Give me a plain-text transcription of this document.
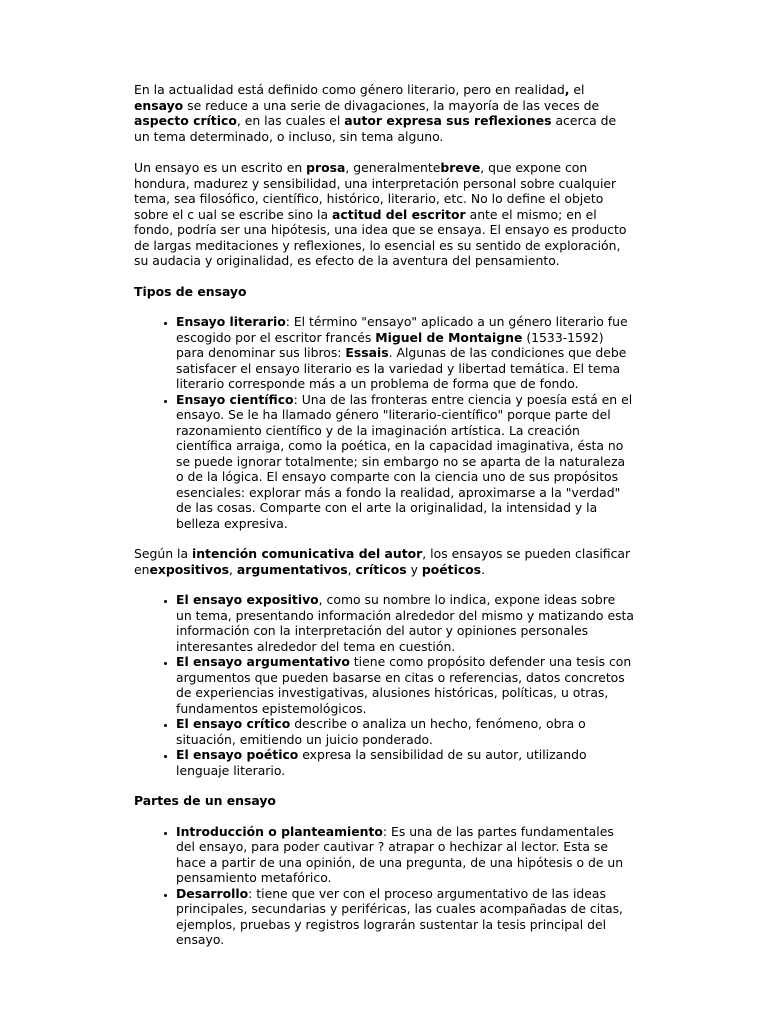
En la actualidad está definido como género literario, pero en realidad, el ensayo se reduce a una serie de divagaciones, la mayoría de las veces de aspecto crítico, en las cuales el autor expresa sus reflexiones acerca de un tema determinado, o incluso, sin tema alguno.

Un ensayo es un escrito en prosa, generalmentebreve, que expone con hondura, madurez y sensibilidad, una interpretación personal sobre cualquier tema, sea filosófico, científico, histórico, literario, etc. No lo define el objeto sobre el c ual se escribe sino la actitud del escritor ante el mismo; en el fondo, podría ser una hipótesis, una idea que se ensaya. El ensayo es producto de largas meditaciones y reflexiones, lo esencial es su sentido de exploración, su audacia y originalidad, es efecto de la aventura del pensamiento.

Tipos de ensayo

• Ensayo literario: El término "ensayo" aplicado a un género literario fue escogido por el escritor francés Miguel de Montaigne (1533-1592) para denominar sus libros: Essais. Algunas de las condiciones que debe satisfacer el ensayo literario es la variedad y libertad temática. El tema literario corresponde más a un problema de forma que de fondo.
• Ensayo científico: Una de las fronteras entre ciencia y poesía está en el ensayo. Se le ha llamado género "literario-científico" porque parte del razonamiento científico y de la imaginación artística. La creación científica arraiga, como la poética, en la capacidad imaginativa, ésta no se puede ignorar totalmente; sin embargo no se aparta de la naturaleza o de la lógica. El ensayo comparte con la ciencia uno de sus propósitos esenciales: explorar más a fondo la realidad, aproximarse a la "verdad" de las cosas. Comparte con el arte la originalidad, la intensidad y la belleza expresiva.

Según la intención comunicativa del autor, los ensayos se pueden clasificar enexpositivos, argumentativos, críticos y poéticos.

• El ensayo expositivo, como su nombre lo indica, expone ideas sobre un tema, presentando información alrededor del mismo y matizando esta información con la interpretación del autor y opiniones personales interesantes alrededor del tema en cuestión.
• El ensayo argumentativo tiene como propósito defender una tesis con argumentos que pueden basarse en citas o referencias, datos concretos de experiencias investigativas, alusiones históricas, políticas, u otras, fundamentos epistemológicos.
• El ensayo crítico describe o analiza un hecho, fenómeno, obra o situación, emitiendo un juicio ponderado.
• El ensayo poético expresa la sensibilidad de su autor, utilizando lenguaje literario.

Partes de un ensayo

• Introducción o planteamiento: Es una de las partes fundamentales del ensayo, para poder cautivar ? atrapar o hechizar al lector. Esta se hace a partir de una opinión, de una pregunta, de una hipótesis o de un pensamiento metafórico.
• Desarrollo: tiene que ver con el proceso argumentativo de las ideas principales, secundarias y periféricas, las cuales acompañadas de citas, ejemplos, pruebas y registros lograrán sustentar la tesis principal del ensayo.
